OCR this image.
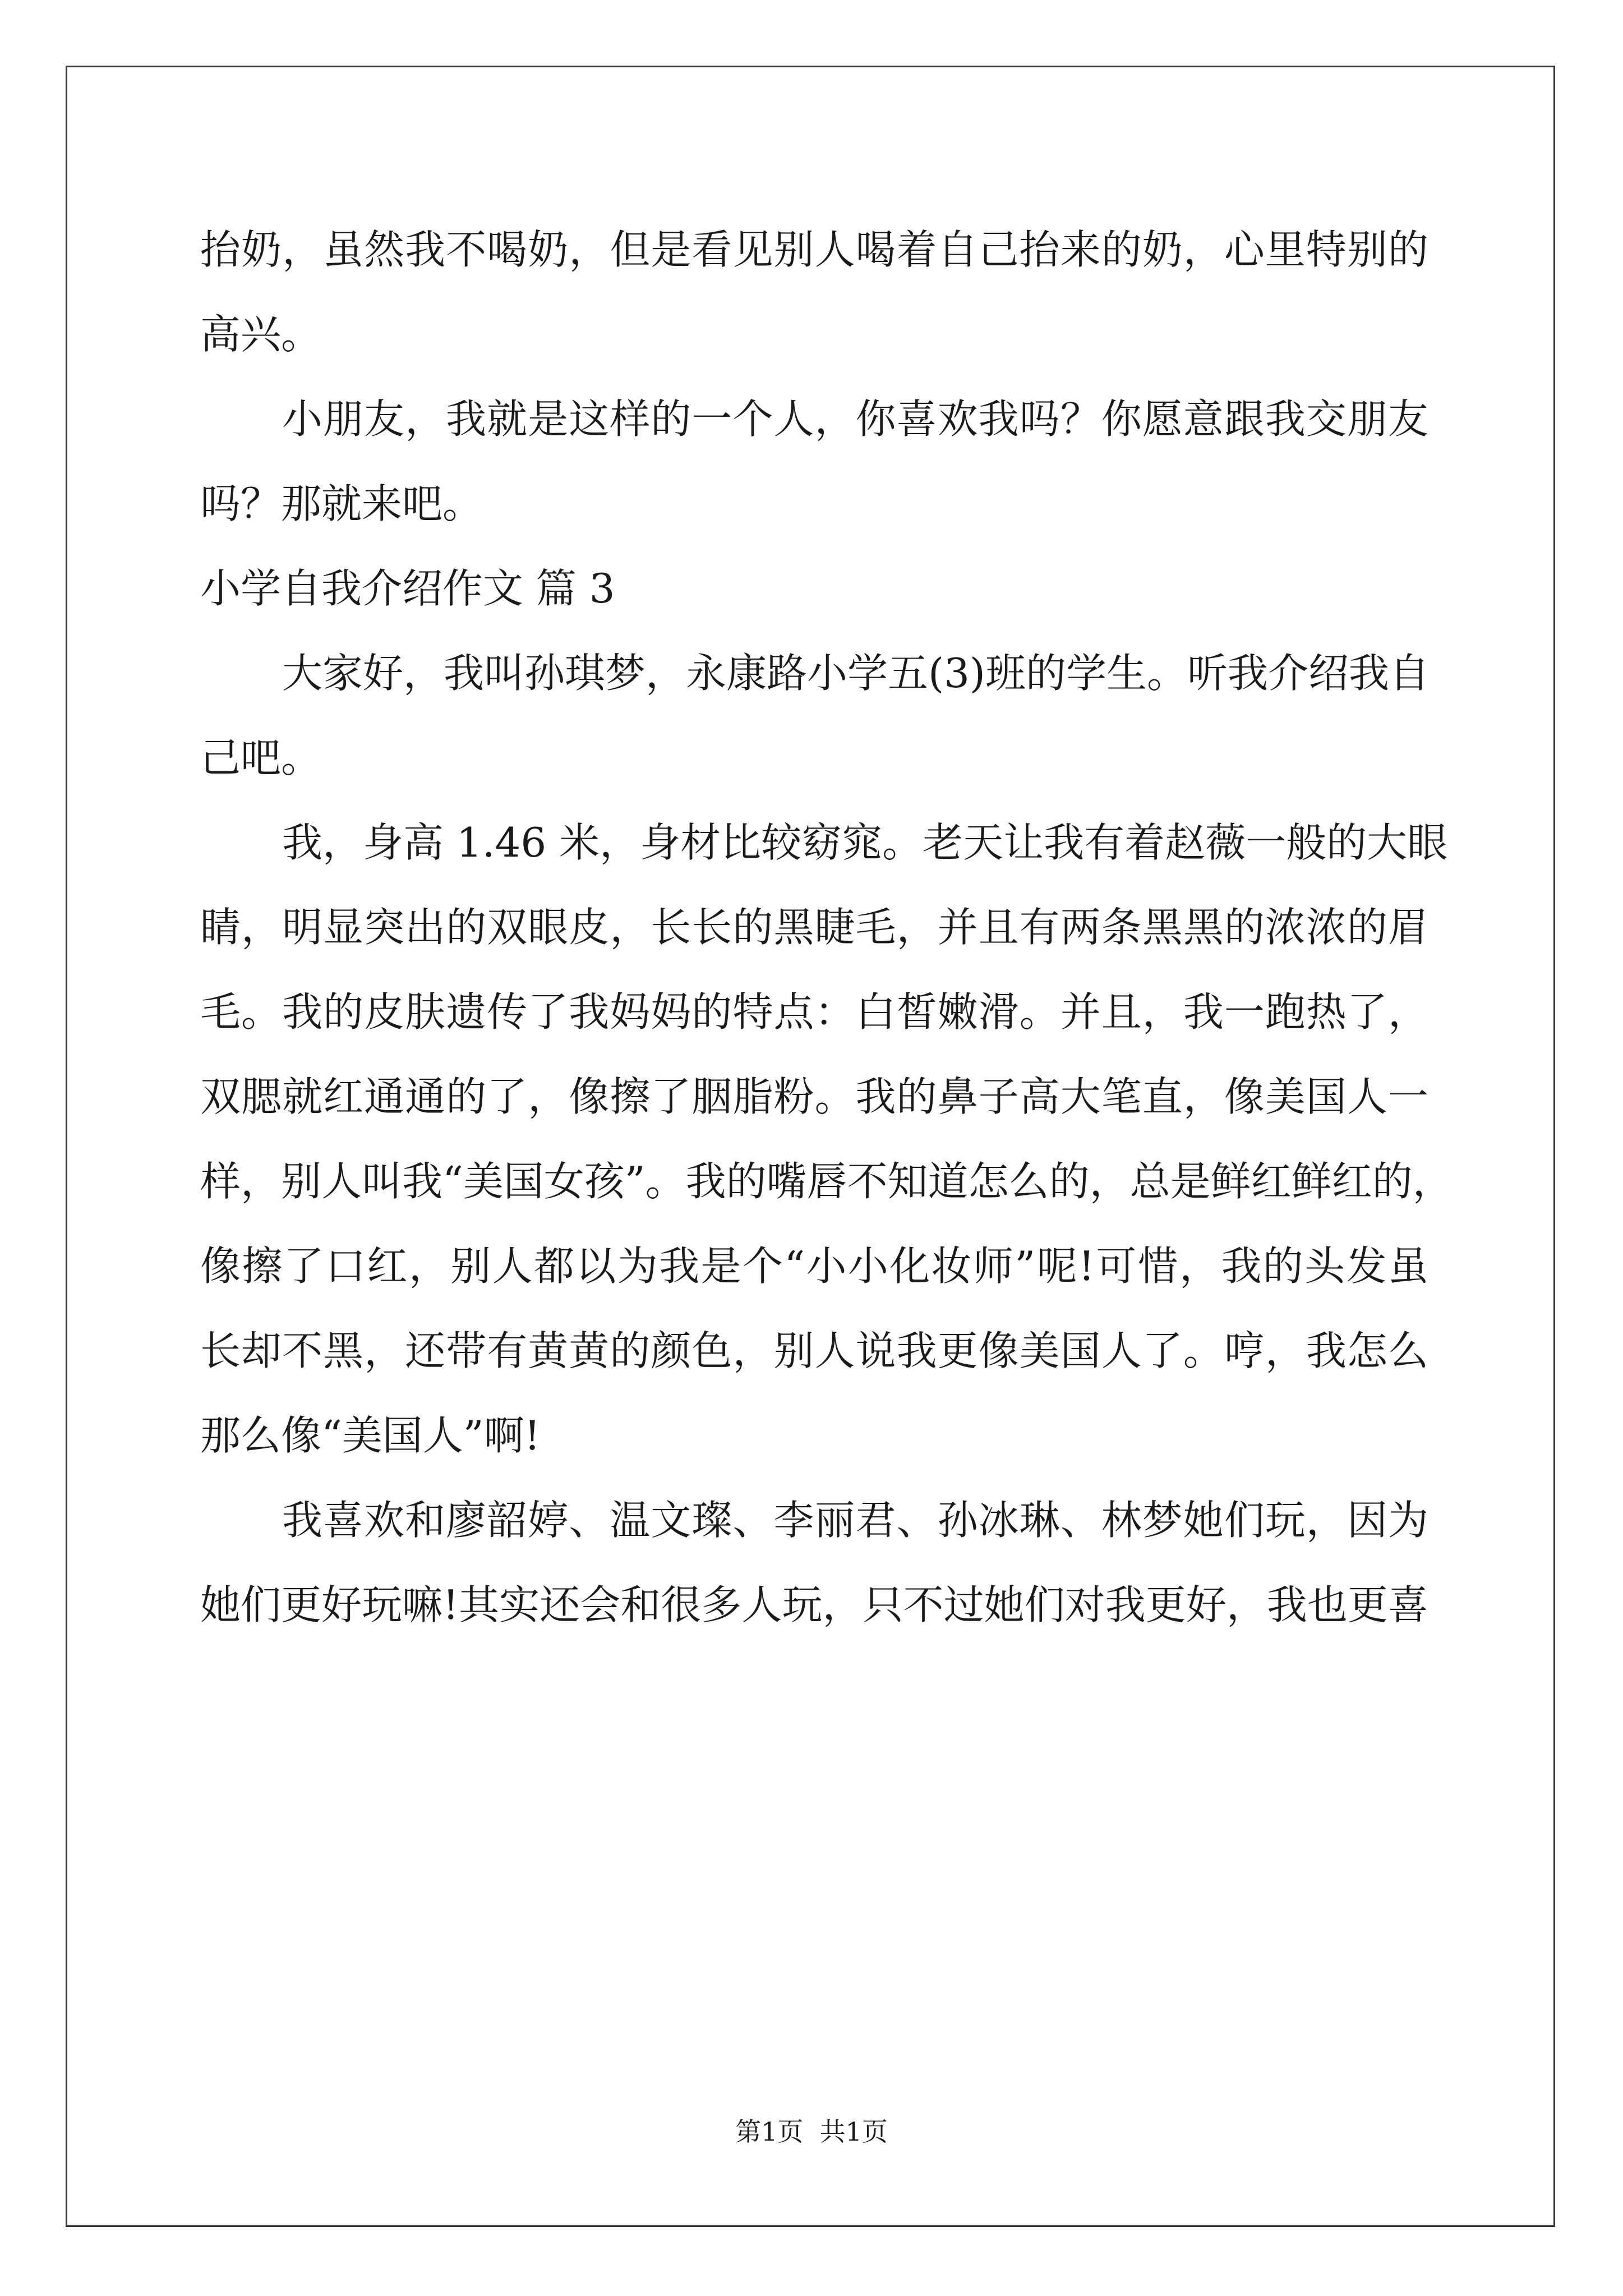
抬奶，虽然我不喝奶，但是看见别人喝着自己抬来的奶，心里特别的
高兴。
小朋友，我就是这样的一个人，你喜欢我吗？你愿意跟我交朋友
吗？那就来吧。
小学自我介绍作文 篇 3
大家好，我叫孙琪梦，永康路小学五(3)班的学生。听我介绍我自
己吧。
我，身高 1.46 米，身材比较窈窕。老天让我有着赵薇一般的大眼
睛，明显突出的双眼皮，长长的黑睫毛，并且有两条黑黑的浓浓的眉
毛。我的皮肤遗传了我妈妈的特点：白皙嫩滑。并且，我一跑热了，
双腮就红通通的了，像擦了胭脂粉。我的鼻子高大笔直，像美国人一
样，别人叫我“美国女孩”。我的嘴唇不知道怎么的，总是鲜红鲜红的，
像擦了口红，别人都以为我是个“小小化妆师”呢!可惜，我的头发虽
长却不黑，还带有黄黄的颜色，别人说我更像美国人了。哼，我怎么
那么像“美国人”啊!
我喜欢和廖韶婷、温文璨、李丽君、孙冰琳、林梦她们玩，因为
她们更好玩嘛!其实还会和很多人玩，只不过她们对我更好，我也更喜
第1页  共1页
